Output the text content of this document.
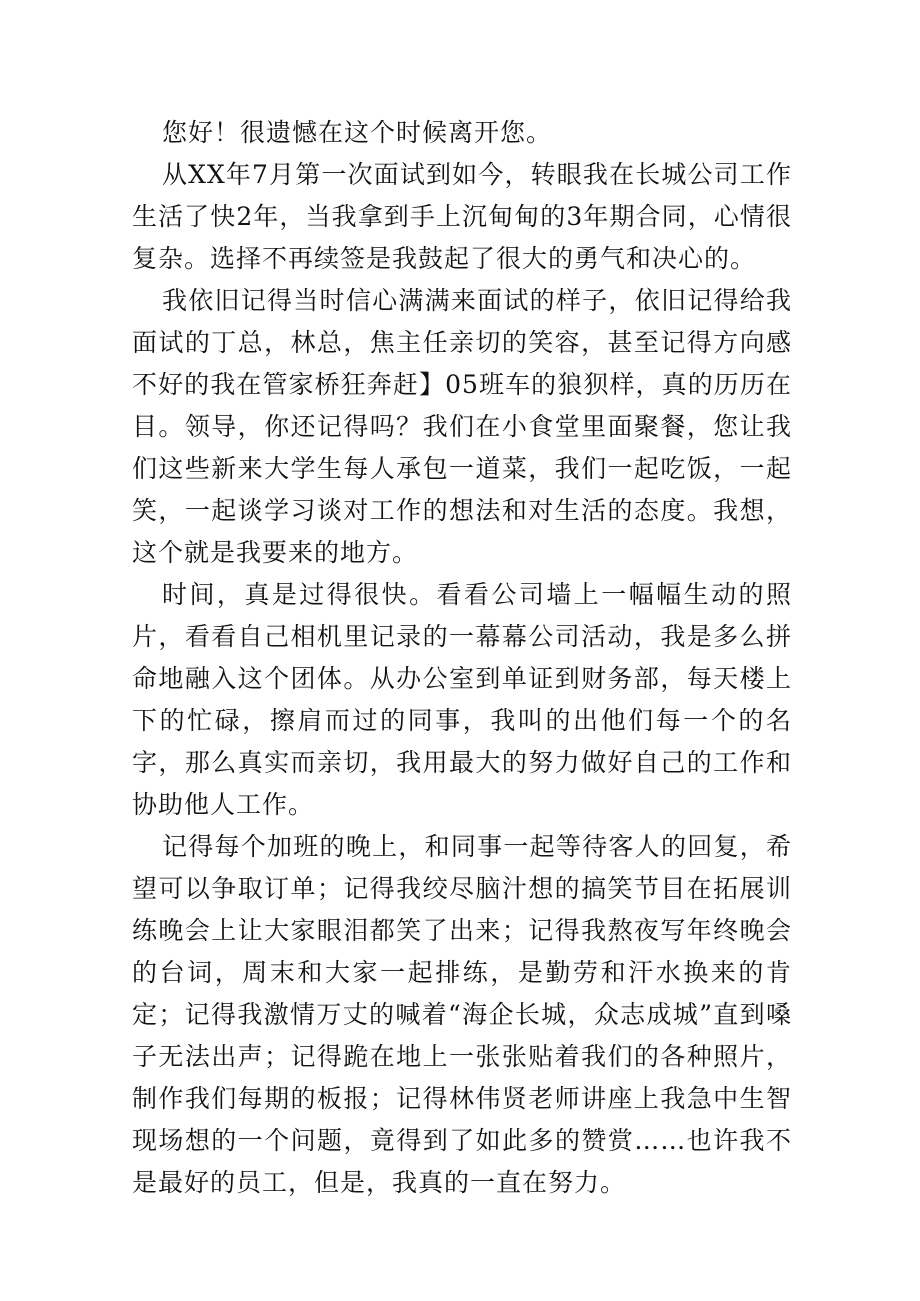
您好！很遗憾在这个时候离开您。

从XX年7月第一次面试到如今，转眼我在长城公司工作生活了快2年，当我拿到手上沉甸甸的3年期合同，心情很复杂。选择不再续签是我鼓起了很大的勇气和决心的。

我依旧记得当时信心满满来面试的样子，依旧记得给我面试的丁总，林总，焦主任亲切的笑容，甚至记得方向感不好的我在管家桥狂奔赶】05班车的狼狈样，真的历历在目。领导，你还记得吗？我们在小食堂里面聚餐，您让我们这些新来大学生每人承包一道菜，我们一起吃饭，一起笑，一起谈学习谈对工作的想法和对生活的态度。我想，这个就是我要来的地方。

时间，真是过得很快。看看公司墙上一幅幅生动的照片，看看自己相机里记录的一幕幕公司活动，我是多么拼命地融入这个团体。从办公室到单证到财务部，每天楼上下的忙碌，擦肩而过的同事，我叫的出他们每一个的名字，那么真实而亲切，我用最大的努力做好自己的工作和协助他人工作。

记得每个加班的晚上，和同事一起等待客人的回复，希望可以争取订单；记得我绞尽脑汁想的搞笑节目在拓展训练晚会上让大家眼泪都笑了出来；记得我熬夜写年终晚会的台词，周末和大家一起排练，是勤劳和汗水换来的肯定；记得我激情万丈的喊着“海企长城，众志成城”直到嗓子无法出声；记得跪在地上一张张贴着我们的各种照片，制作我们每期的板报；记得林伟贤老师讲座上我急中生智现场想的一个问题，竟得到了如此多的赞赏……也许我不是最好的员工，但是，我真的一直在努力。
